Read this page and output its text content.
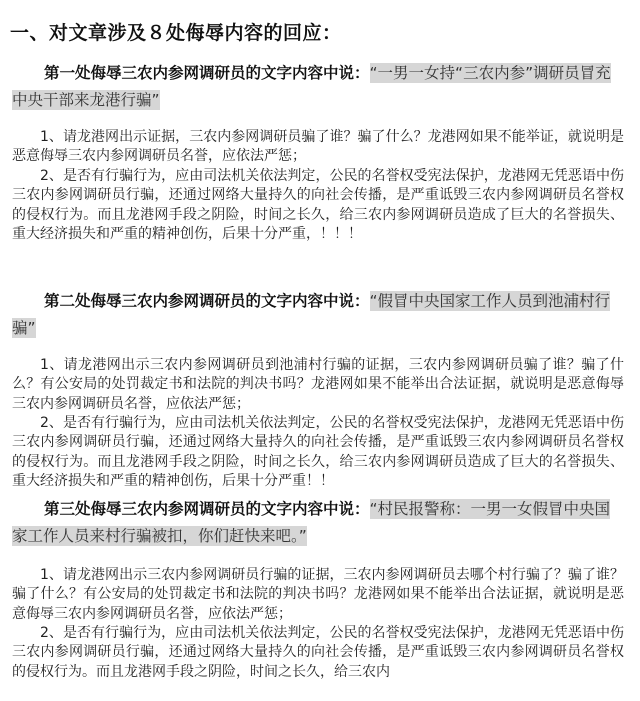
一、对文章涉及８处侮辱内容的回应：
第一处侮辱三农内参网调研员的文字内容中说：“一男一女持“三农内参”调研员冒充中央干部来龙港行骗”
1、请龙港网出示证据，三农内参网调研员骗了谁？骗了什么？龙港网如果不能举证，就说明是恶意侮辱三农内参网调研员名誉，应依法严惩；
2、是否有行骗行为，应由司法机关依法判定，公民的名誉权受宪法保护，龙港网无凭恶语中伤三农内参网调研员行骗，还通过网络大量持久的向社会传播，是严重诋毁三农内参网调研员名誉权的侵权行为。而且龙港网手段之阴险，时间之长久，给三农内参网调研员造成了巨大的名誉损失、重大经济损失和严重的精神创伤，后果十分严重，！！！
第二处侮辱三农内参网调研员的文字内容中说：“假冒中央国家工作人员到池浦村行骗”
1、请龙港网出示三农内参网调研员到池浦村行骗的证据，三农内参网调研员骗了谁？骗了什么？有公安局的处罚裁定书和法院的判决书吗？龙港网如果不能举出合法证据，就说明是恶意侮辱三农内参网调研员名誉，应依法严惩；
2、是否有行骗行为，应由司法机关依法判定，公民的名誉权受宪法保护，龙港网无凭恶语中伤三农内参网调研员行骗，还通过网络大量持久的向社会传播，是严重诋毁三农内参网调研员名誉权的侵权行为。而且龙港网手段之阴险，时间之长久，给三农内参网调研员造成了巨大的名誉损失、重大经济损失和严重的精神创伤，后果十分严重！！
第三处侮辱三农内参网调研员的文字内容中说：“村民报警称：一男一女假冒中央国家工作人员来村行骗被扣，你们赶快来吧。”
1、请龙港网出示三农内参网调研员行骗的证据，三农内参网调研员去哪个村行骗了？骗了谁？骗了什么？有公安局的处罚裁定书和法院的判决书吗？龙港网如果不能举出合法证据，就说明是恶意侮辱三农内参网调研员名誉，应依法严惩；
2、是否有行骗行为，应由司法机关依法判定，公民的名誉权受宪法保护，龙港网无凭恶语中伤三农内参网调研员行骗，还通过网络大量持久的向社会传播，是严重诋毁三农内参网调研员名誉权的侵权行为。而且龙港网手段之阴险，时间之长久，给三农内
